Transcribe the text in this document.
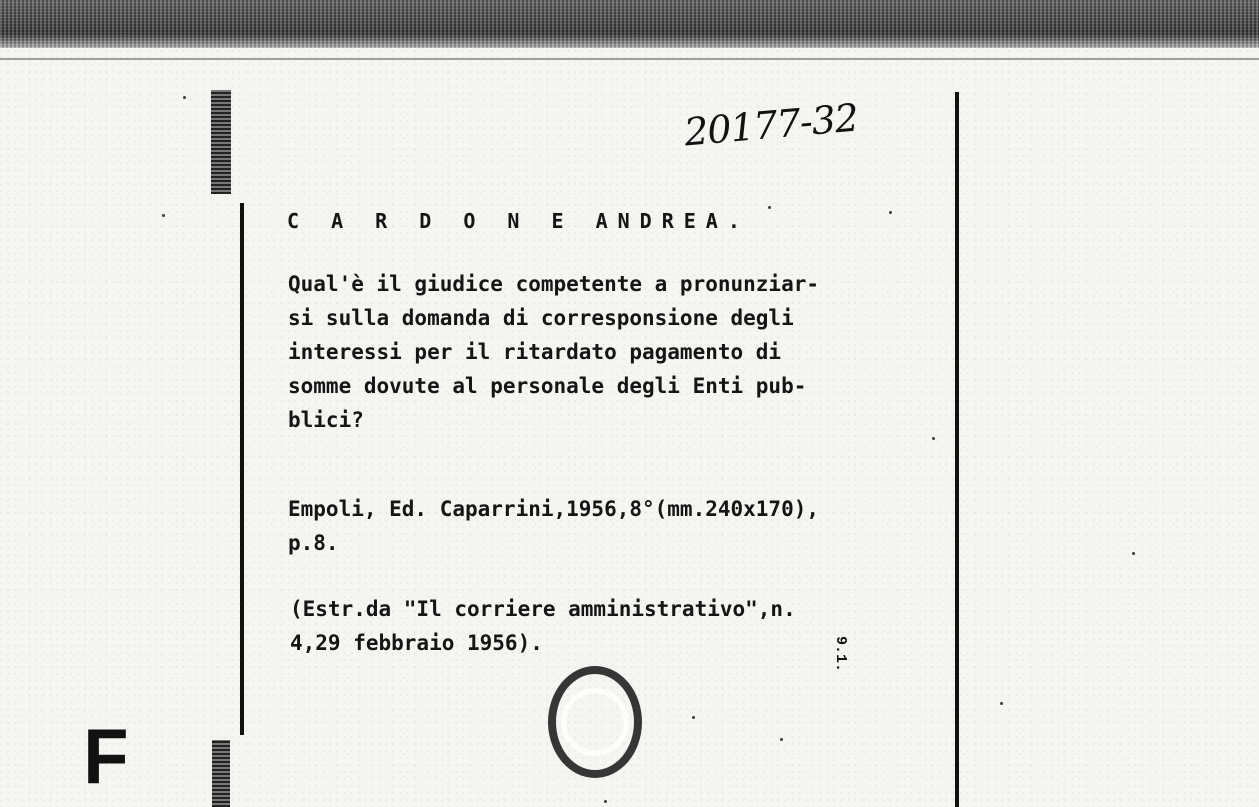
20177-32
C A R D O N E ANDREA.
Qual'è il giudice competente a pronunziar-
si sulla domanda di corresponsione degli
interessi per il ritardato pagamento di
somme dovute al personale degli Enti pub-
blici?
Empoli, Ed. Caparrini,1956,8°(mm.240x170),
p.8.
(Estr.da "Il corriere amministrativo",n.
4,29 febbraio 1956).	9.1.
F
